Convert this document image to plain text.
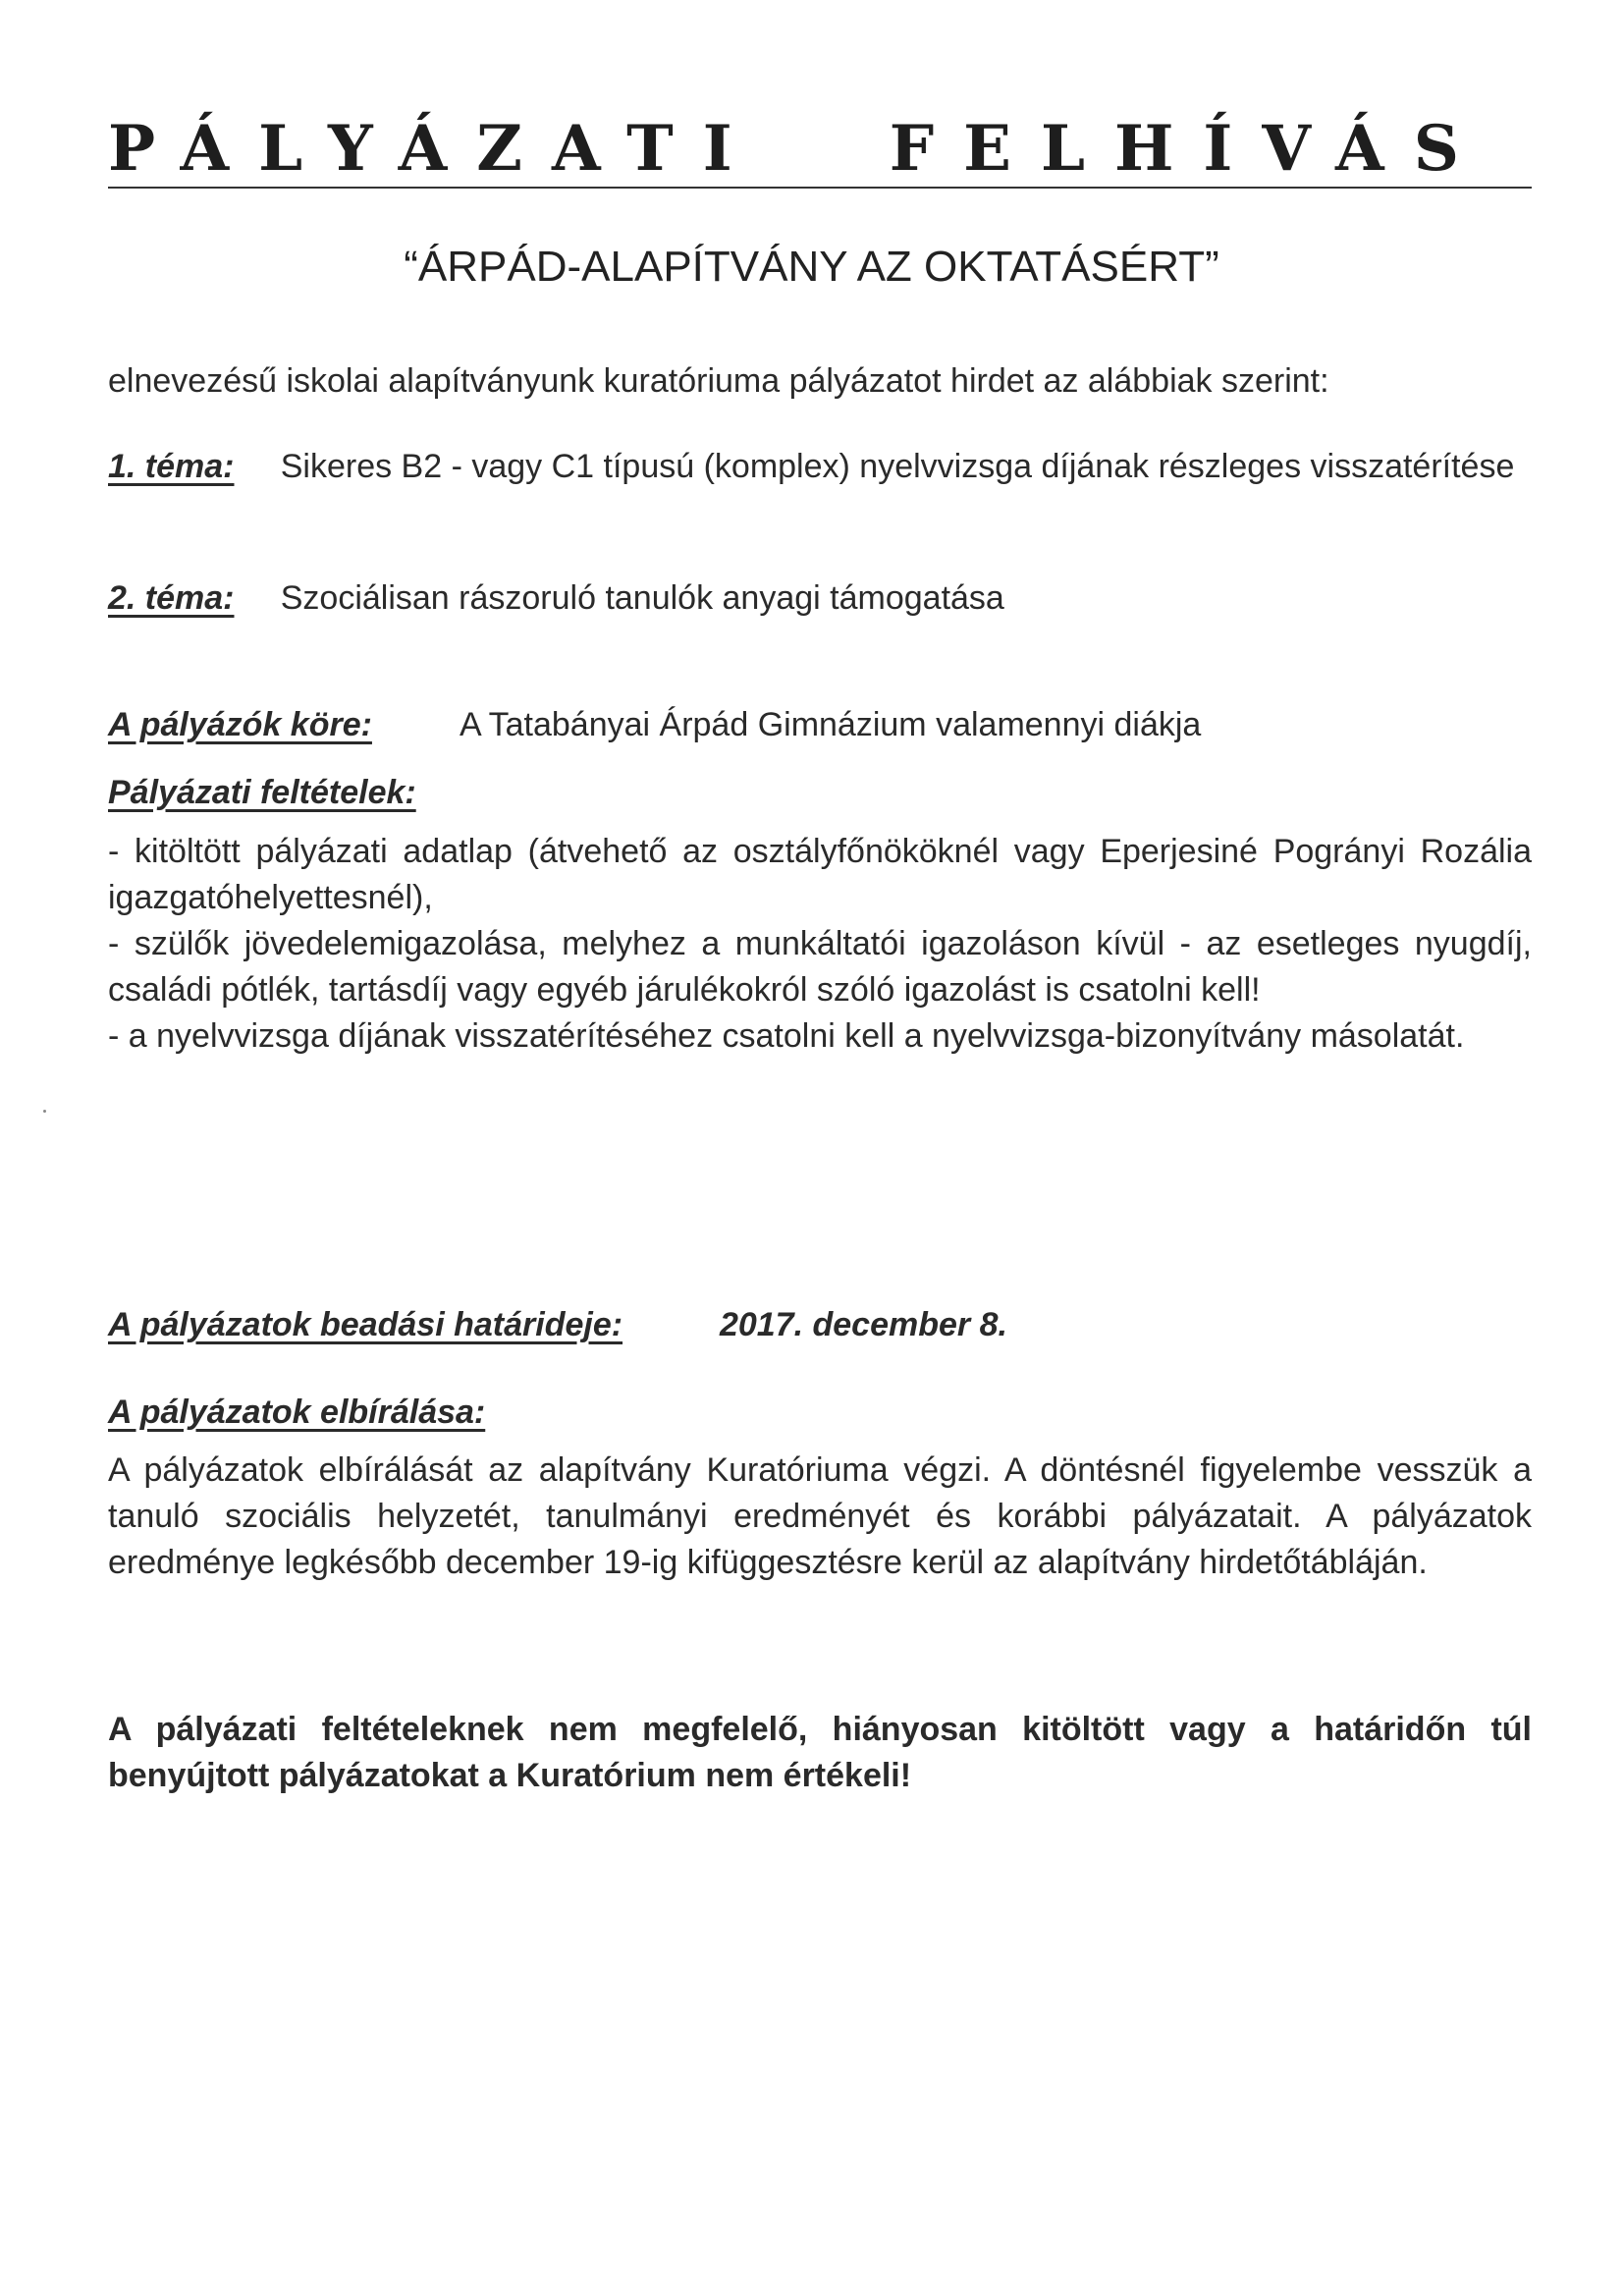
PÁLYÁZATI FELHÍVÁS
“ÁRPÁD-ALAPÍTVÁNY AZ OKTATÁSÉRT”
elnevezésű iskolai alapítványunk kuratóriuma pályázatot hirdet az alábbiak szerint:
1. téma: Sikeres B2 - vagy C1 típusú (komplex) nyelvvizsga díjának részleges visszatérítése
2. téma: Szociálisan rászoruló tanulók anyagi támogatása
A pályázók köre:	A Tatabányai Árpád Gimnázium valamennyi diákja
Pályázati feltételek:
- kitöltött pályázati adatlap (átvehető az osztályfőnököknél vagy Eperjesiné Pogrányi Rozália igazgatóhelyettesnél),
- szülők jövedelemigazolása, melyhez a munkáltatói igazoláson kívül - az esetleges nyugdíj, családi pótlék, tartásdíj vagy egyéb járulékokról szóló igazolást is csatolni kell!
- a nyelvvizsga díjának visszatérítéséhez csatolni kell a nyelvvizsga-bizonyítvány másolatát.
A pályázatok beadási határideje:	2017. december 8.
A pályázatok elbírálása:
A pályázatok elbírálását az alapítvány Kuratóriuma végzi. A döntésnél figyelembe vesszük a tanuló szociális helyzetét, tanulmányi eredményét és korábbi pályázatait. A pályázatok eredménye legkésőbb december 19-ig kifüggesztésre kerül az alapítvány hirdetőtábláján.
A pályázati feltételeknek nem megfelelő, hiányosan kitöltött vagy a határidőn túl benyújtott pályázatokat a Kuratórium nem értékeli!
